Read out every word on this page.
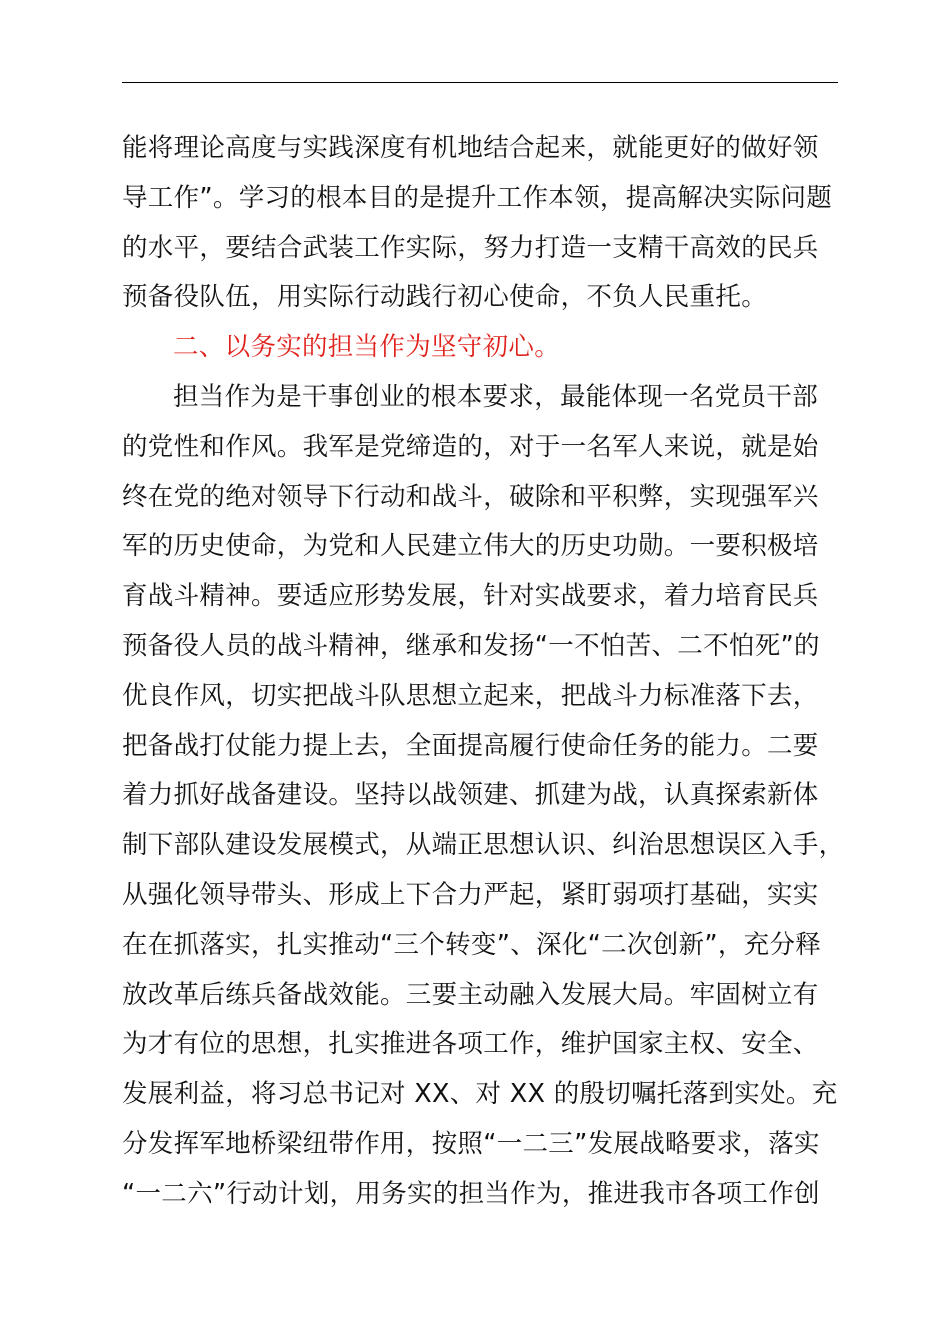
能将理论高度与实践深度有机地结合起来，就能更好的做好领
导工作”。学习的根本目的是提升工作本领，提高解决实际问题
的水平，要结合武装工作实际，努力打造一支精干高效的民兵
预备役队伍，用实际行动践行初心使命，不负人民重托。
二、以务实的担当作为坚守初心。
担当作为是干事创业的根本要求，最能体现一名党员干部
的党性和作风。我军是党缔造的，对于一名军人来说，就是始
终在党的绝对领导下行动和战斗，破除和平积弊，实现强军兴
军的历史使命，为党和人民建立伟大的历史功勋。一要积极培
育战斗精神。要适应形势发展，针对实战要求，着力培育民兵
预备役人员的战斗精神，继承和发扬“一不怕苦、二不怕死”的
优良作风，切实把战斗队思想立起来，把战斗力标准落下去，
把备战打仗能力提上去，全面提高履行使命任务的能力。二要
着力抓好战备建设。坚持以战领建、抓建为战，认真探索新体
制下部队建设发展模式，从端正思想认识、纠治思想误区入手，
从强化领导带头、形成上下合力严起，紧盯弱项打基础，实实
在在抓落实，扎实推动“三个转变”、深化“二次创新”，充分释
放改革后练兵备战效能。三要主动融入发展大局。牢固树立有
为才有位的思想，扎实推进各项工作，维护国家主权、安全、
发展利益，将习总书记对 XX、对 XX 的殷切嘱托落到实处。充
分发挥军地桥梁纽带作用，按照“一二三”发展战略要求，落实
“一二六”行动计划，用务实的担当作为，推进我市各项工作创
